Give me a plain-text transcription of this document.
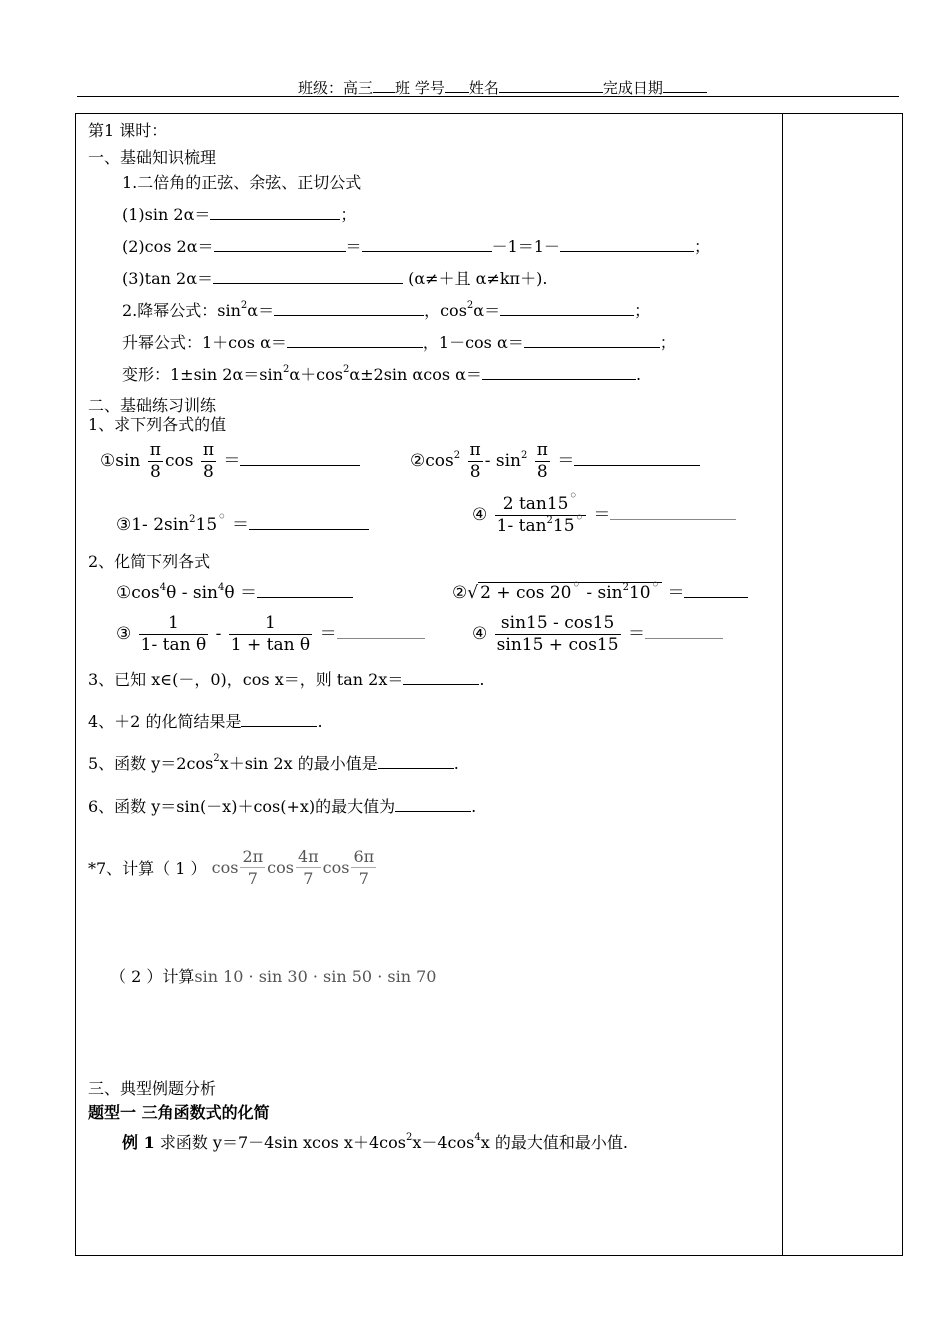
班级：高三 班 学号 姓名	完成日期
第1 课时：
一、基础知识梳理
1.二倍角的正弦、余弦、正切公式
(1)sin 2α＝	；
(2)cos 2α＝	＝	－1＝1－	；
(3)tan 2α＝	(α≠＋且 α≠kπ＋).
2.降幂公式：$\sin^2\alpha=$	，$\cos^2\alpha=$	；
升幂公式：1＋cos α＝	，1－cos α＝	；
变形：1±sin $2\alpha=\sin^2\alpha+\cos^2\alpha\pm 2\sin$ αcos α＝	.
二、基础练习训练
1、求下列各式的值
①sin $\frac{\pi}{8}$ $\cos \frac{\pi}{8}$ ＝	$②\cos^2 \frac{\pi}{8} - \sin^2 \frac{\pi}{8}$ ＝
③1- $2\sin^215^◦$ ＝	④ $\frac{2 \tan 15^◦}{1- \tan^215^◦}$ ＝
2、化简下列各式
$①\cos^4\theta - \sin^4\theta$ ＝	②√ $2 + \cos 20^◦ - \sin^210^◦$ ＝
③ $\frac{1}{\text{1- tan θ}} - \frac{1}{\text{1 + tan θ}}$ ＝	④ $\frac{\sin 15 - \cos 15}{\sin 15 + \cos 15}$ ＝
3、已知 x∈(－，0)，cos x＝，则 tan 2x＝	.
4、＋2 的化简结果是	.
5、函数 $y=2\cos^2x+\sin$ 2x 的最小值是	.
6、函数 y＝sin(－x)＋cos(+x)的最大值为	.
*7、计算（ 1 ） $\cos \frac{2\pi}{7}$ $\cos \frac{4\pi}{7}$ $\cos \frac{6\pi}{7}$
（ 2 ）计算sin 10 · sin 30 · sin 50 · sin 70
三、典型例题分析
题型一 三角函数式的化简
例 1 求函数 y＝7－4sin xcos $x+4\cos^2x-4\cos^4x$ 的最大值和最小值.
